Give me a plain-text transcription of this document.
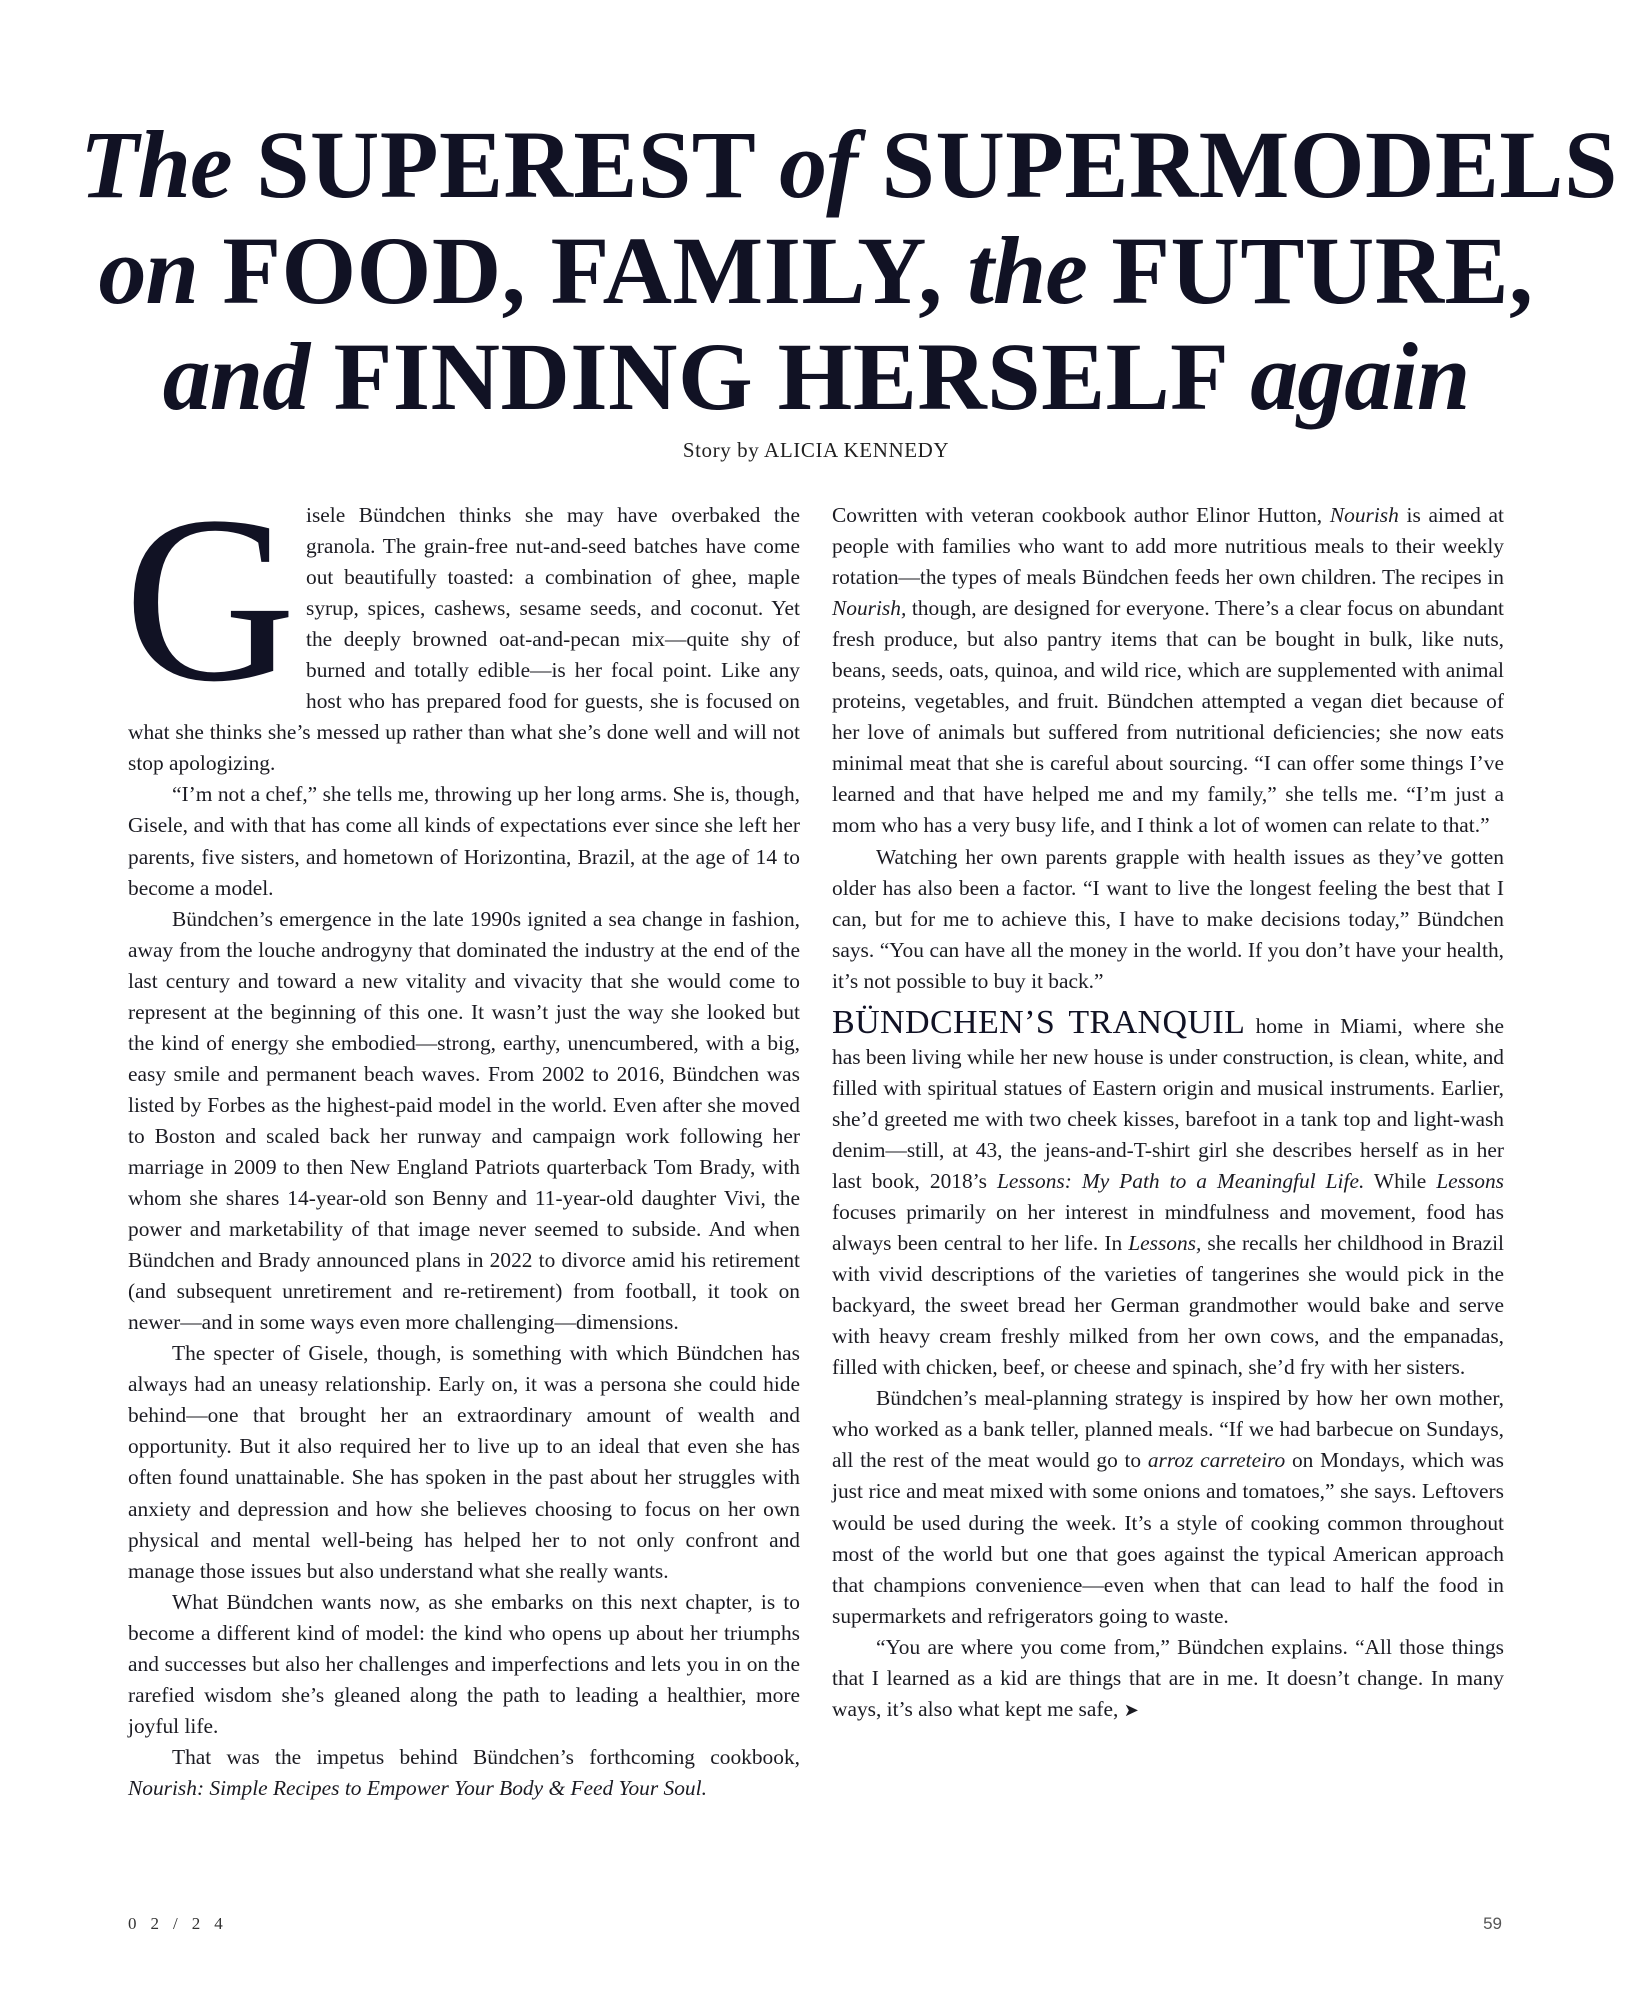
The SUPEREST of SUPERMODELS
on FOOD, FAMILY, the FUTURE,
and FINDING HERSELF again
Story by ALICIA KENNEDY

Gisele Bündchen thinks she may have overbaked the granola. The grain-free nut-and-seed batches have come out beautifully toasted: a combination of ghee, maple syrup, spices, cashews, sesame seeds, and coconut. Yet the deeply browned oat-and-pecan mix—quite shy of burned and totally edible—is her focal point. Like any host who has prepared food for guests, she is focused on what she thinks she’s messed up rather than what she’s done well and will not stop apologizing.

“I’m not a chef,” she tells me, throwing up her long arms. She is, though, Gisele, and with that has come all kinds of expectations ever since she left her parents, five sisters, and hometown of Horizontina, Brazil, at the age of 14 to become a model.

Bündchen’s emergence in the late 1990s ignited a sea change in fashion, away from the louche androgyny that dominated the industry at the end of the last century and toward a new vitality and vivacity that she would come to represent at the beginning of this one. It wasn’t just the way she looked but the kind of energy she embodied—strong, earthy, unencumbered, with a big, easy smile and permanent beach waves. From 2002 to 2016, Bündchen was listed by Forbes as the highest-paid model in the world. Even after she moved to Boston and scaled back her runway and campaign work following her marriage in 2009 to then New England Patriots quarterback Tom Brady, with whom she shares 14-year-old son Benny and 11-year-old daughter Vivi, the power and marketability of that image never seemed to subside. And when Bündchen and Brady announced plans in 2022 to divorce amid his retirement (and subsequent unretirement and re-retirement) from football, it took on newer—and in some ways even more challenging—dimensions.

The specter of Gisele, though, is something with which Bündchen has always had an uneasy relationship. Early on, it was a persona she could hide behind—one that brought her an extraordinary amount of wealth and opportunity. But it also required her to live up to an ideal that even she has often found unattainable. She has spoken in the past about her struggles with anxiety and depression and how she believes choosing to focus on her own physical and mental well-being has helped her to not only confront and manage those issues but also understand what she really wants.

What Bündchen wants now, as she embarks on this next chapter, is to become a different kind of model: the kind who opens up about her triumphs and successes but also her challenges and imperfections and lets you in on the rarefied wisdom she’s gleaned along the path to leading a healthier, more joyful life.

That was the impetus behind Bündchen’s forthcoming cookbook, Nourish: Simple Recipes to Empower Your Body & Feed Your Soul.

Cowritten with veteran cookbook author Elinor Hutton, Nourish is aimed at people with families who want to add more nutritious meals to their weekly rotation—the types of meals Bündchen feeds her own children. The recipes in Nourish, though, are designed for everyone. There’s a clear focus on abundant fresh produce, but also pantry items that can be bought in bulk, like nuts, beans, seeds, oats, quinoa, and wild rice, which are supplemented with animal proteins, vegetables, and fruit. Bündchen attempted a vegan diet because of her love of animals but suffered from nutritional deficiencies; she now eats minimal meat that she is careful about sourcing. “I can offer some things I’ve learned and that have helped me and my family,” she tells me. “I’m just a mom who has a very busy life, and I think a lot of women can relate to that.”

Watching her own parents grapple with health issues as they’ve gotten older has also been a factor. “I want to live the longest feeling the best that I can, but for me to achieve this, I have to make decisions today,” Bündchen says. “You can have all the money in the world. If you don’t have your health, it’s not possible to buy it back.”

BÜNDCHEN’S TRANQUIL home in Miami, where she has been living while her new house is under construction, is clean, white, and filled with spiritual statues of Eastern origin and musical instruments. Earlier, she’d greeted me with two cheek kisses, barefoot in a tank top and light-wash denim—still, at 43, the jeans-and-T-shirt girl she describes herself as in her last book, 2018’s Lessons: My Path to a Meaningful Life. While Lessons focuses primarily on her interest in mindfulness and movement, food has always been central to her life. In Lessons, she recalls her childhood in Brazil with vivid descriptions of the varieties of tangerines she would pick in the backyard, the sweet bread her German grandmother would bake and serve with heavy cream freshly milked from her own cows, and the empanadas, filled with chicken, beef, or cheese and spinach, she’d fry with her sisters.

Bündchen’s meal-planning strategy is inspired by how her own mother, who worked as a bank teller, planned meals. “If we had barbecue on Sundays, all the rest of the meat would go to arroz carreteiro on Mondays, which was just rice and meat mixed with some onions and tomatoes,” she says. Leftovers would be used during the week. It’s a style of cooking common throughout most of the world but one that goes against the typical American approach that champions convenience—even when that can lead to half the food in supermarkets and refrigerators going to waste.

“You are where you come from,” Bündchen explains. “All those things that I learned as a kid are things that are in me. It doesn’t change. In many ways, it’s also what kept me safe, ➤

02/24	59
